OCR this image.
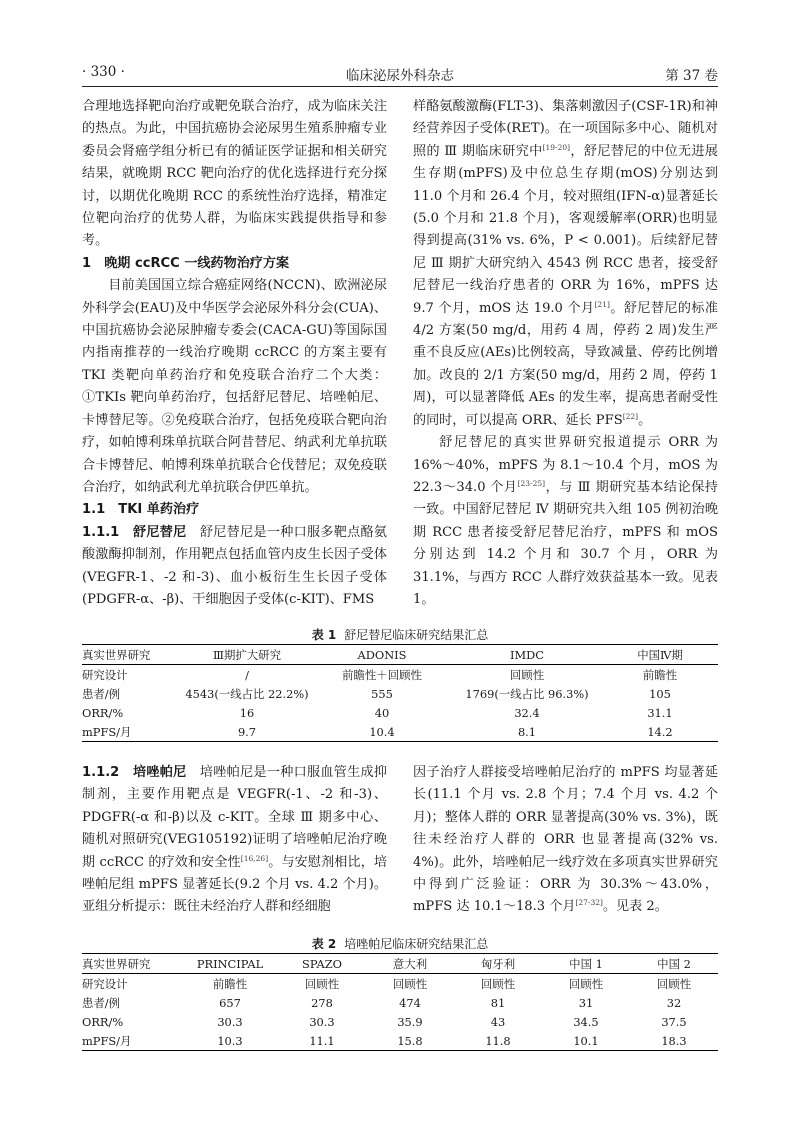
· 330 ·	临床泌尿外科杂志	第 37 卷

合理地选择靶向治疗或靶免联合治疗，成为临床关注的热点。为此，中国抗癌协会泌尿男生殖系肿瘤专业委员会肾癌学组分析已有的循证医学证据和相关研究结果，就晚期 RCC 靶向治疗的优化选择进行充分探讨，以期优化晚期 RCC 的系统性治疗选择，精准定位靶向治疗的优势人群，为临床实践提供指导和参考。

1　晚期 ccRCC 一线药物治疗方案

目前美国国立综合癌症网络(NCCN)、欧洲泌尿外科学会(EAU)及中华医学会泌尿外科分会(CUA)、中国抗癌协会泌尿肿瘤专委会(CACA-GU)等国际国内指南推荐的一线治疗晚期 ccRCC 的方案主要有 TKI 类靶向单药治疗和免疫联合治疗二个大类：①TKIs 靶向单药治疗，包括舒尼替尼、培唑帕尼、卡博替尼等。②免疫联合治疗，包括免疫联合靶向治疗，如帕博利珠单抗联合阿昔替尼、纳武利尤单抗联合卡博替尼、帕博利珠单抗联合仑伐替尼；双免疫联合治疗，如纳武利尤单抗联合伊匹单抗。

1.1　TKI 单药治疗

1.1.1　舒尼替尼　 舒尼替尼是一种口服多靶点酪氨酸激酶抑制剂，作用靶点包括血管内皮生长因子受体(VEGFR-1、-2 和-3)、血小板衍生生长因子受体(PDGFR-α、-β)、干细胞因子受体(c-KIT)、FMS

样酪氨酸激酶(FLT-3)、集落刺激因子(CSF-1R)和神经营养因子受体(RET)。在一项国际多中心、随机对照的 Ⅲ 期临床研究中[19-20]，舒尼替尼的中位无进展生存期(mPFS)及中位总生存期(mOS)分别达到 11.0 个月和 26.4 个月，较对照组(IFN-α)显著延长(5.0 个月和 21.8 个月)，客观缓解率(ORR)也明显得到提高(31% vs. 6%，P < 0.001)。后续舒尼替尼 Ⅲ 期扩大研究纳入 4543 例 RCC 患者，接受舒尼替尼一线治疗患者的 ORR 为 16%，mPFS 达 9.7 个月，mOS 达 19.0 个月[21]。舒尼替尼的标准 4/2 方案(50 mg/d，用药 4 周，停药 2 周)发生严重不良反应(AEs)比例较高，导致减量、停药比例增加。改良的 2/1 方案(50 mg/d，用药 2 周，停药 1 周)，可以显著降低 AEs 的发生率，提高患者耐受性的同时，可以提高 ORR、延长 PFS[22]。

舒尼替尼的真实世界研究报道提示 ORR 为 16%～40%，mPFS 为 8.1～10.4 个月，mOS 为 22.3～34.0 个月[23-25]，与 Ⅲ 期研究基本结论保持一致。中国舒尼替尼 Ⅳ 期研究共入组 105 例初治晚期 RCC 患者接受舒尼替尼治疗，mPFS 和 mOS 分别达到 14.2 个月和 30.7 个月，ORR 为 31.1%，与西方 RCC 人群疗效获益基本一致。见表 1。

表 1 舒尼替尼临床研究结果汇总
真实世界研究	Ⅲ期扩大研究	ADONIS	IMDC	中国Ⅳ期
研究设计	/	前瞻性＋回顾性	回顾性	前瞻性
患者/例	4543(一线占比 22.2%)	555	1769(一线占比 96.3%)	105
ORR/%	16	40	32.4	31.1
mPFS/月	9.7	10.4	8.1	14.2

1.1.2　培唑帕尼　 培唑帕尼是一种口服血管生成抑制剂，主要作用靶点是 VEGFR(-1、-2 和-3)、PDGFR(-α 和-β)以及 c-KIT。全球 Ⅲ 期多中心、随机对照研究(VEG105192)证明了培唑帕尼治疗晚期 ccRCC 的疗效和安全性[16,26]。与安慰剂相比，培唑帕尼组 mPFS 显著延长(9.2 个月 vs. 4.2 个月)。亚组分析提示：既往未经治疗人群和经细胞

因子治疗人群接受培唑帕尼治疗的 mPFS 均显著延长(11.1 个月 vs. 2.8 个月；7.4 个月 vs. 4.2 个月)；整体人群的 ORR 显著提高(30% vs. 3%)，既往未经治疗人群的 ORR 也显著提高(32% vs. 4%)。此外，培唑帕尼一线疗效在多项真实世界研究中得到广泛验证：ORR 为 30.3%～43.0%，mPFS 达 10.1～18.3 个月[27-32]。见表 2。

表 2 培唑帕尼临床研究结果汇总
真实世界研究	PRINCIPAL	SPAZO	意大利	匈牙利	中国 1	中国 2
研究设计	前瞻性	回顾性	回顾性	回顾性	回顾性	回顾性
患者/例	657	278	474	81	31	32
ORR/%	30.3	30.3	35.9	43	34.5	37.5
mPFS/月	10.3	11.1	15.8	11.8	10.1	18.3
